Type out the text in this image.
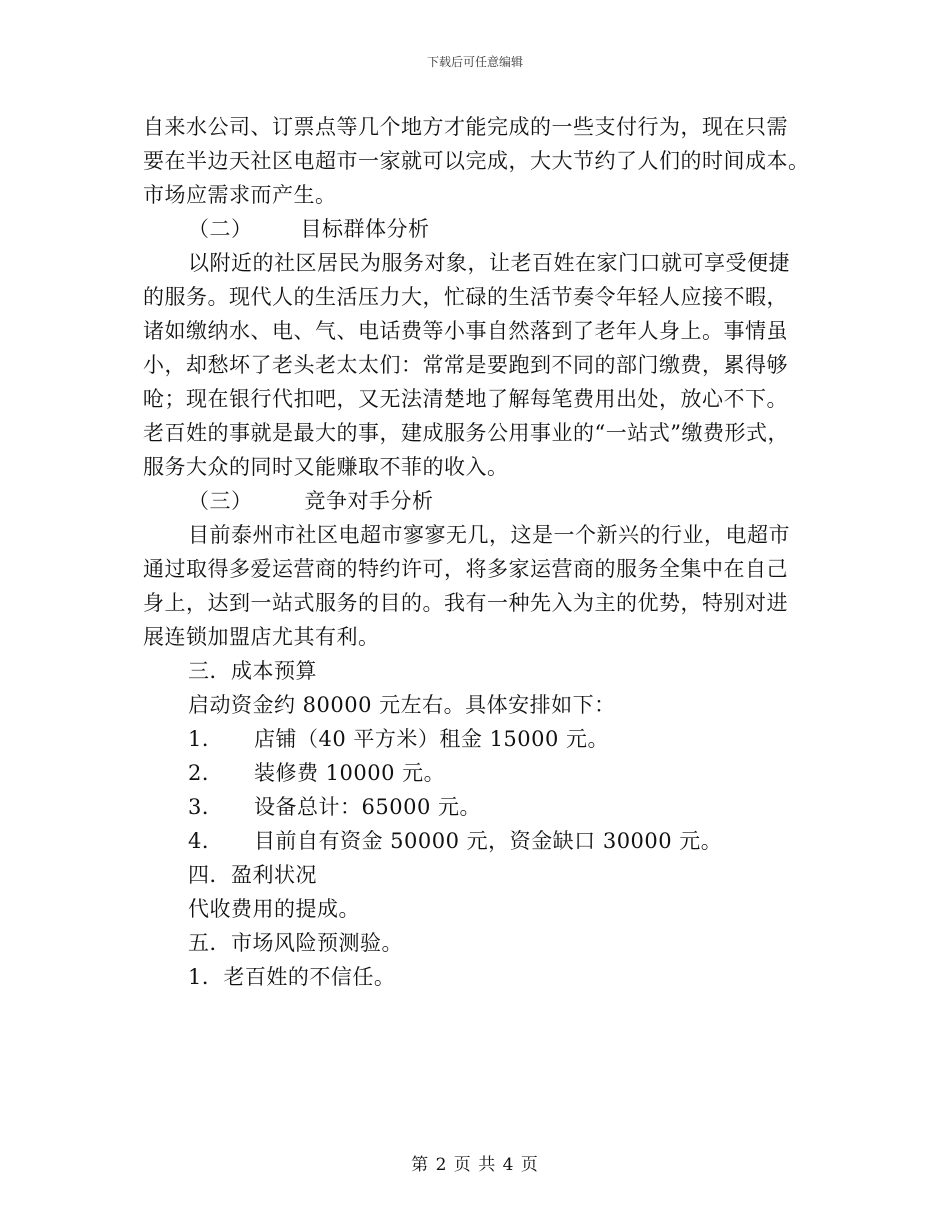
下载后可任意编辑
自来水公司、订票点等几个地方才能完成的一些支付行为，现在只需
要在半边天社区电超市一家就可以完成，大大节约了人们的时间成本。
市场应需求而产生。
（二） 目标群体分析
以附近的社区居民为服务对象，让老百姓在家门口就可享受便捷
的服务。现代人的生活压力大，忙碌的生活节奏令年轻人应接不暇，
诸如缴纳水、电、气、电话费等小事自然落到了老年人身上。事情虽
小，却愁坏了老头老太太们：常常是要跑到不同的部门缴费，累得够
呛；现在银行代扣吧，又无法清楚地了解每笔费用出处，放心不下。
老百姓的事就是最大的事，建成服务公用事业的“一站式”缴费形式，
服务大众的同时又能赚取不菲的收入。
（三） 竞争对手分析
目前泰州市社区电超市寥寥无几，这是一个新兴的行业，电超市
通过取得多爱运营商的特约许可，将多家运营商的服务全集中在自己
身上，达到一站式服务的目的。我有一种先入为主的优势，特别对进
展连锁加盟店尤其有利。
三．成本预算
启动资金约 80000 元左右。具体安排如下：
1．	店铺（40 平方米）租金 15000 元。
2．	装修费 10000 元。
3．	设备总计：65000 元。
4．	目前自有资金 50000 元，资金缺口 30000 元。
四．盈利状况
代收费用的提成。
五．市场风险预测验。
1．老百姓的不信任。
第 2 页 共 4 页
